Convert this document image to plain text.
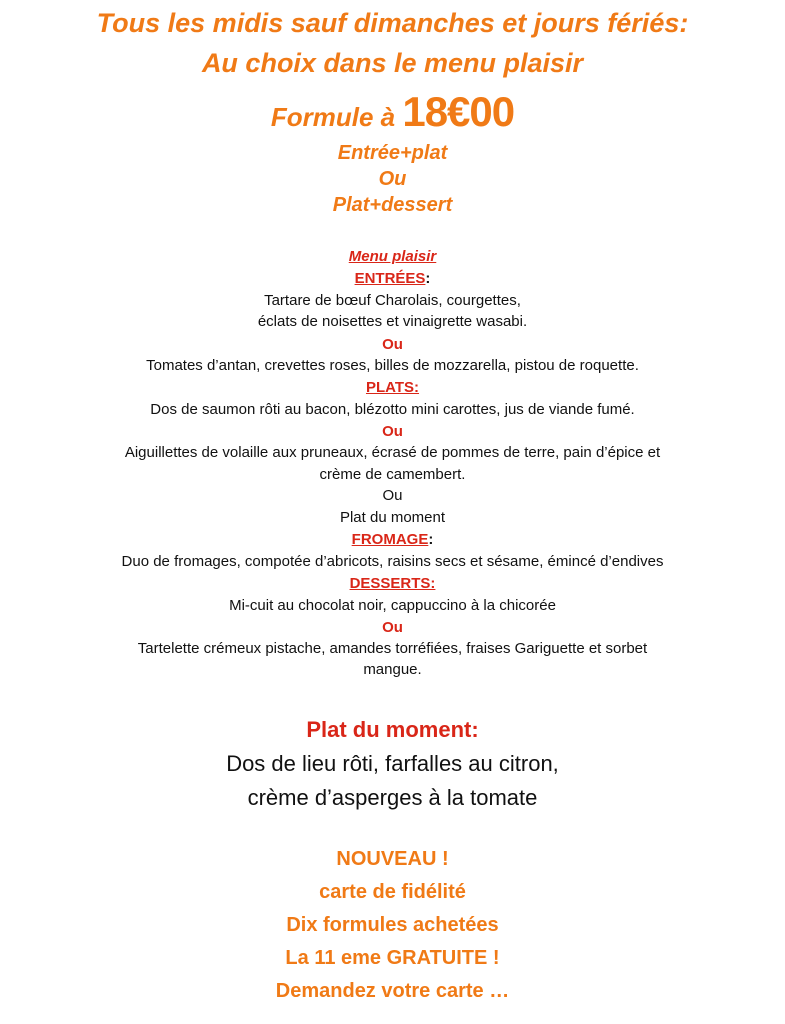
Tous les midis sauf dimanches et jours fériés:
Au choix dans le menu plaisir
Formule à 18€00
Entrée+plat
Ou
Plat+dessert
Menu plaisir
ENTRÉES:
Tartare de bœuf Charolais, courgettes,
éclats de noisettes et vinaigrette wasabi.
Ou
Tomates d’antan, crevettes roses, billes de mozzarella, pistou de roquette.
PLATS:
Dos de saumon rôti au bacon, blézotto mini carottes, jus de viande fumé.
Ou
Aiguillettes de volaille aux pruneaux, écrasé de pommes de terre, pain d’épice et
crème de camembert.
Ou
Plat du moment
FROMAGE:
Duo de fromages, compotée d’abricots, raisins secs et sésame, émincé d’endives
DESSERTS:
Mi-cuit au chocolat noir, cappuccino à la chicorée
Ou
Tartelette crémeux pistache, amandes torréfiées, fraises Gariguette et sorbet
mangue.
Plat du moment:
Dos de lieu rôti, farfalles au citron,
crème d’asperges à la tomate
NOUVEAU !
carte de fidélité
Dix formules achetées
La 11 eme GRATUITE !
Demandez votre carte …
